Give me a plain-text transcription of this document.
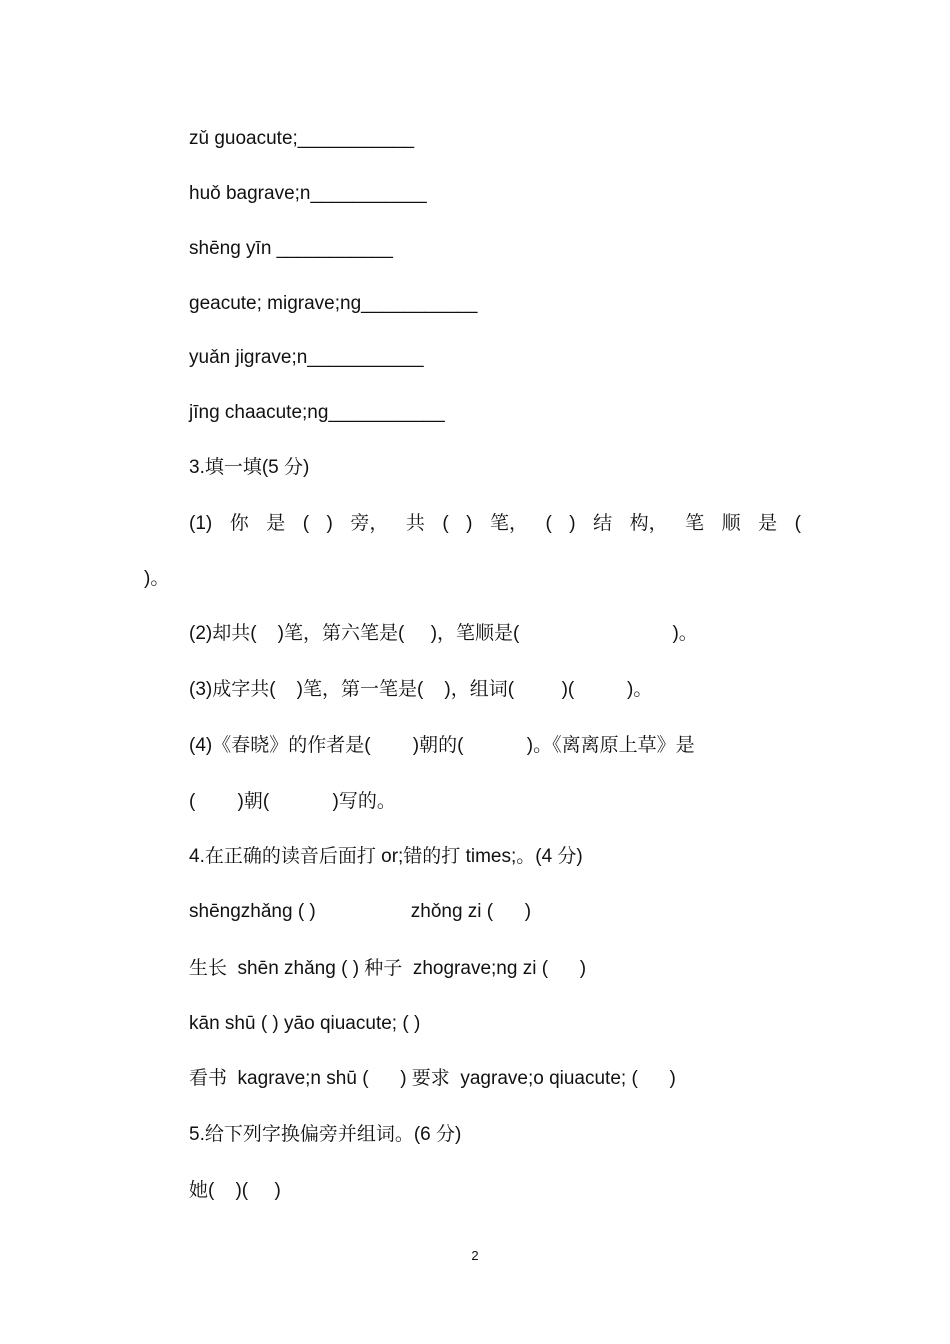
zǔ guoacute;___________
huǒ bagrave;n___________
shēng yīn ___________
geacute; migrave;ng___________
yuǎn jigrave;n___________
jīng chaacute;ng___________
3.填一填(5 分)
(1) 你 是 ( ) 旁， 共 ( ) 笔， ( ) 结 构， 笔 顺 是 (
)。
(2)却共(    )笔，第六笔是(     )，笔顺是(                             )。
(3)成字共(    )笔，第一笔是(    )，组词(         )(          )。
(4)《春晓》的作者是(        )朝的(            )。《离离原上草》是
(        )朝(            )写的。
4.在正确的读音后面打 or;错的打 times;。(4 分)
shēngzhǎng ( )                  zhǒng zi (      )
生长  shēn zhǎng ( ) 种子  zhograve;ng zi (      )
kān shū ( ) yāo qiuacute; ( )
看书  kagrave;n shū (      ) 要求  yagrave;o qiuacute; (      )
5.给下列字换偏旁并组词。(6 分)
她(    )(     )
2
